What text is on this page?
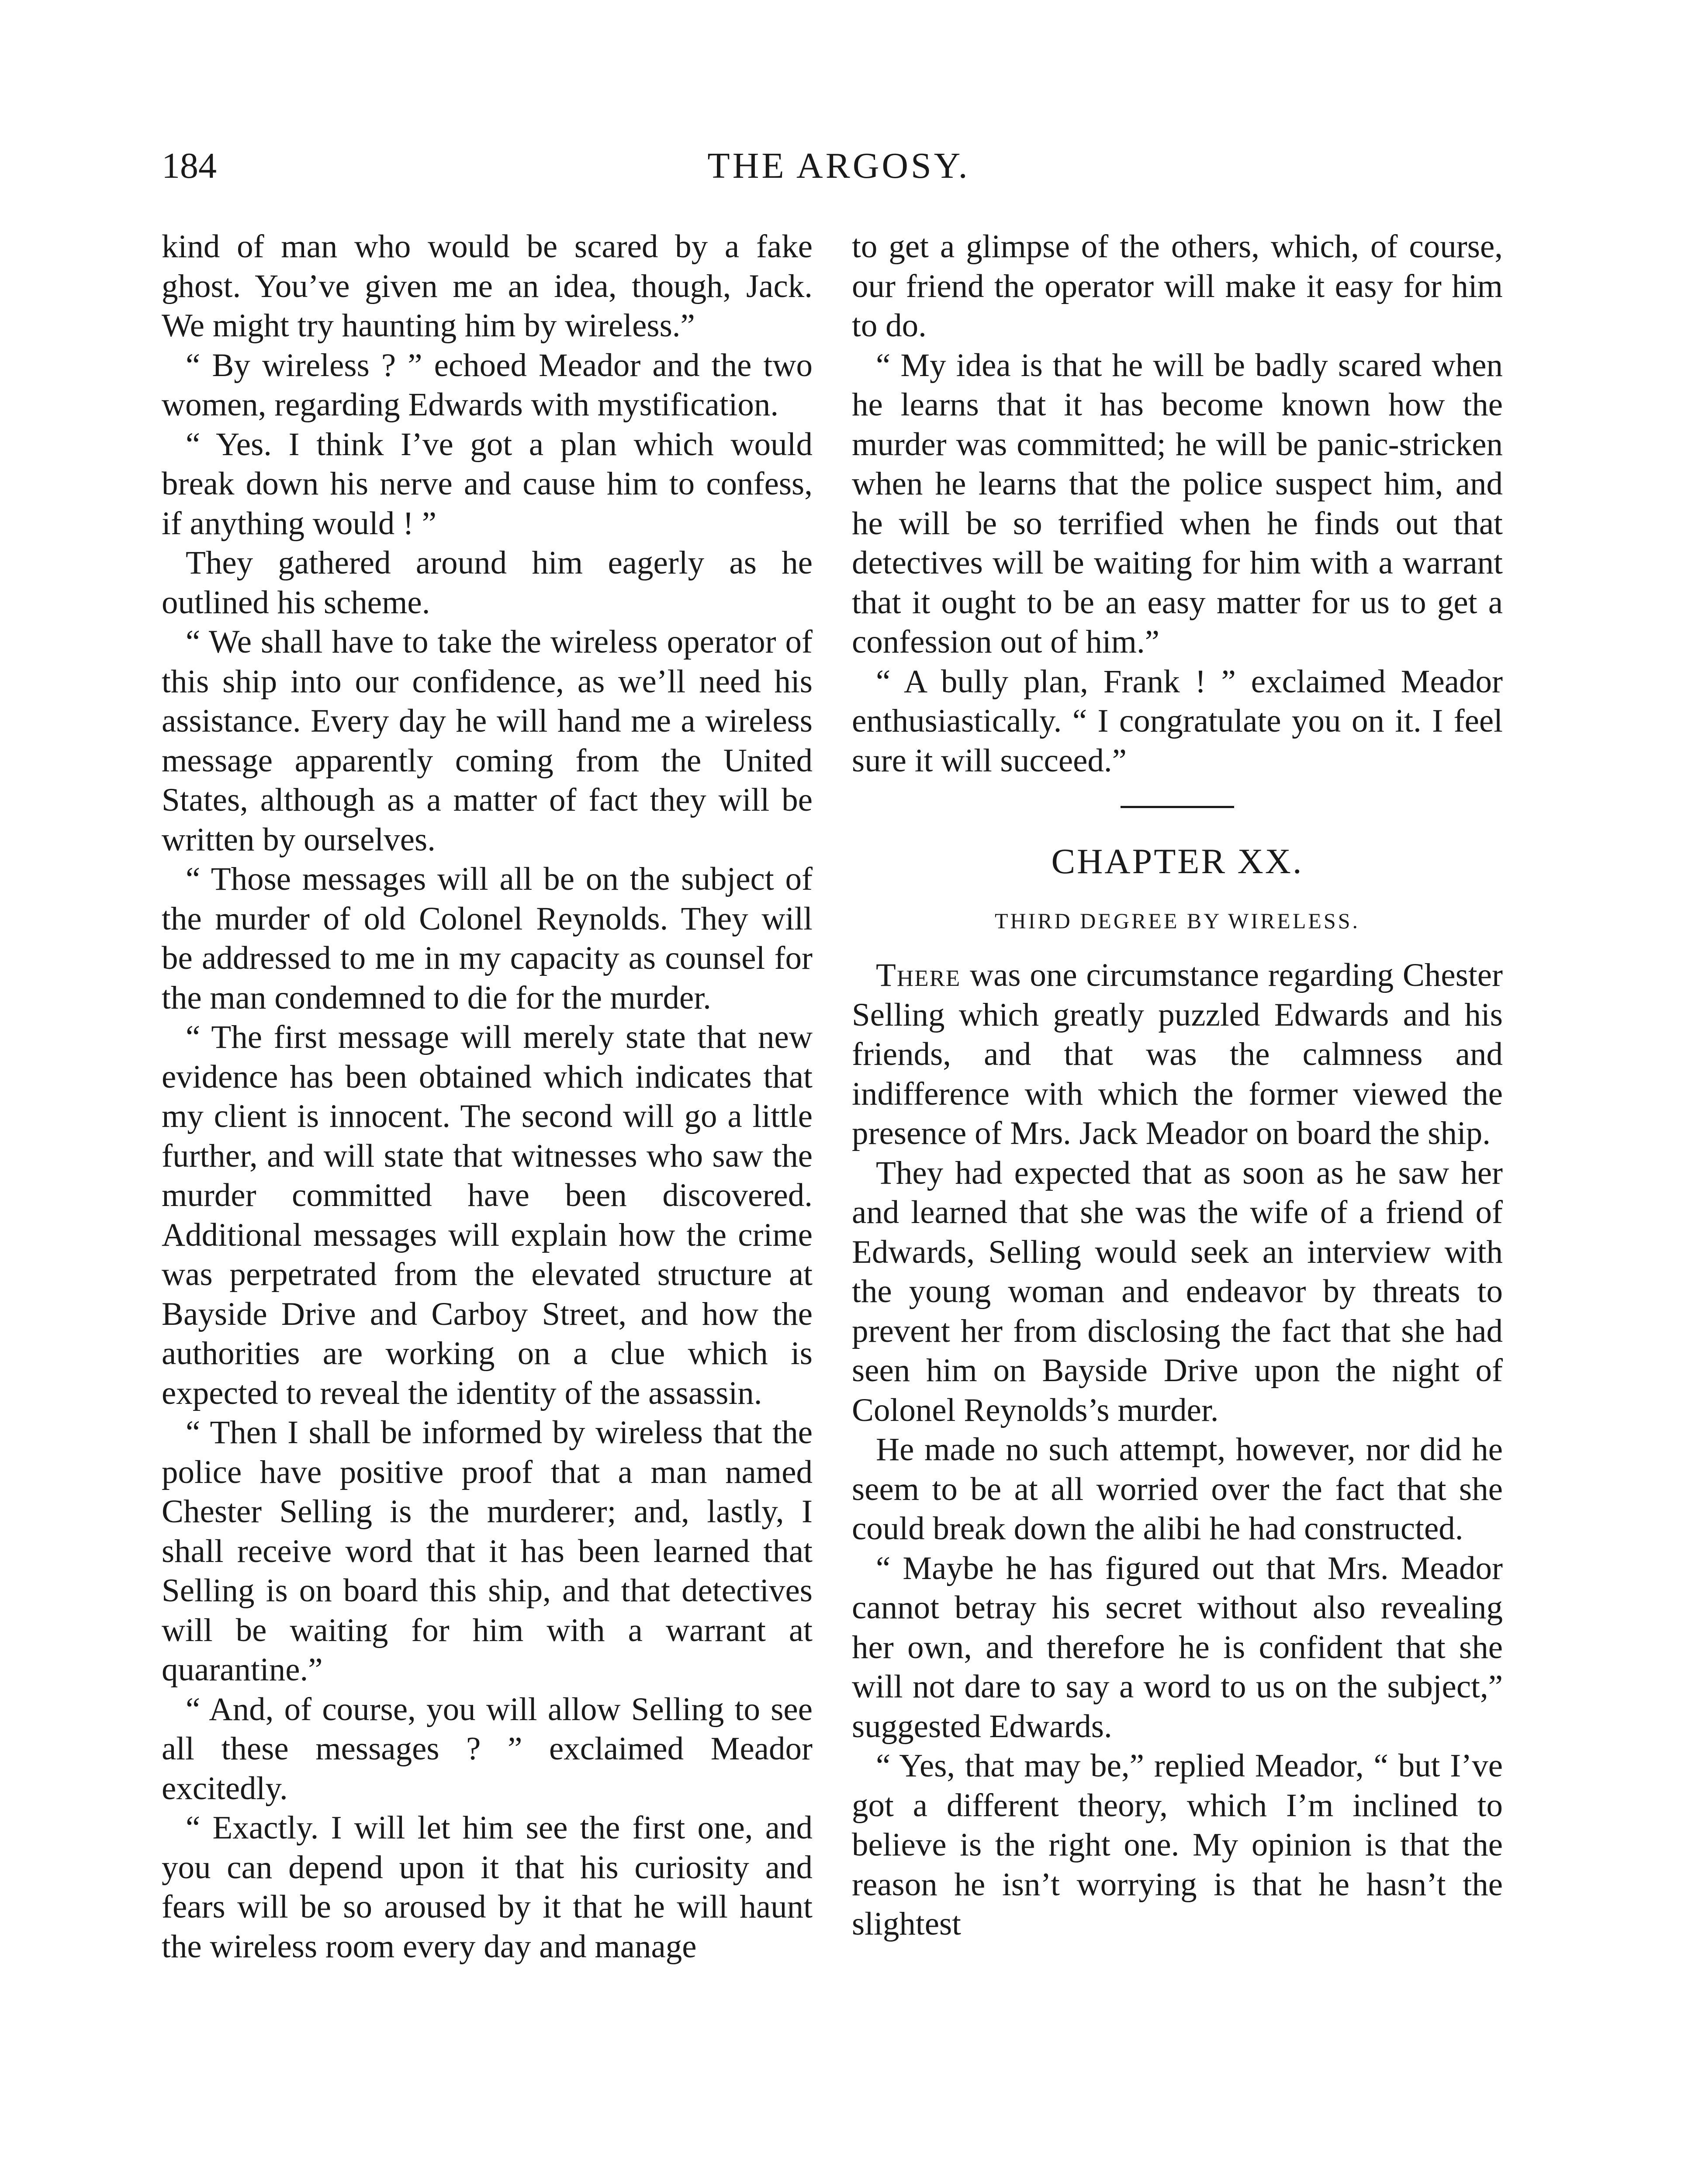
184	THE ARGOSY.

kind of man who would be scared by a fake ghost. You’ve given me an idea, though, Jack. We might try haunting him by wireless.”

“ By wireless ? ” echoed Meador and the two women, regarding Edwards with mystification.

“ Yes. I think I’ve got a plan which would break down his nerve and cause him to confess, if anything would ! ”

They gathered around him eagerly as he outlined his scheme.

“ We shall have to take the wireless operator of this ship into our confidence, as we’ll need his assistance. Every day he will hand me a wireless message apparently coming from the United States, although as a matter of fact they will be written by ourselves.

“ Those messages will all be on the subject of the murder of old Colonel Reynolds. They will be addressed to me in my capacity as counsel for the man condemned to die for the murder.

“ The first message will merely state that new evidence has been obtained which indicates that my client is innocent. The second will go a little further, and will state that witnesses who saw the murder committed have been discovered. Additional messages will explain how the crime was perpetrated from the elevated structure at Bayside Drive and Carboy Street, and how the authorities are working on a clue which is expected to reveal the identity of the assassin.

“ Then I shall be informed by wireless that the police have positive proof that a man named Chester Selling is the murderer; and, lastly, I shall receive word that it has been learned that Selling is on board this ship, and that detectives will be waiting for him with a warrant at quarantine.”

“ And, of course, you will allow Selling to see all these messages ? ” exclaimed Meador excitedly.

“ Exactly. I will let him see the first one, and you can depend upon it that his curiosity and fears will be so aroused by it that he will haunt the wireless room every day and manage

to get a glimpse of the others, which, of course, our friend the operator will make it easy for him to do.

“ My idea is that he will be badly scared when he learns that it has become known how the murder was committed; he will be panic-stricken when he learns that the police suspect him, and he will be so terrified when he finds out that detectives will be waiting for him with a warrant that it ought to be an easy matter for us to get a confession out of him.”

“ A bully plan, Frank ! ” exclaimed Meador enthusiastically. “ I congratulate you on it. I feel sure it will succeed.”

CHAPTER XX.
THIRD DEGREE BY WIRELESS.

There was one circumstance regarding Chester Selling which greatly puzzled Edwards and his friends, and that was the calmness and indifference with which the former viewed the presence of Mrs. Jack Meador on board the ship.

They had expected that as soon as he saw her and learned that she was the wife of a friend of Edwards, Selling would seek an interview with the young woman and endeavor by threats to prevent her from disclosing the fact that she had seen him on Bayside Drive upon the night of Colonel Reynolds’s murder.

He made no such attempt, however, nor did he seem to be at all worried over the fact that she could break down the alibi he had constructed.

“ Maybe he has figured out that Mrs. Meador cannot betray his secret without also revealing her own, and therefore he is confident that she will not dare to say a word to us on the subject,” suggested Edwards.

“ Yes, that may be,” replied Meador, “ but I’ve got a different theory, which I’m inclined to believe is the right one. My opinion is that the reason he isn’t worrying is that he hasn’t the slightest
